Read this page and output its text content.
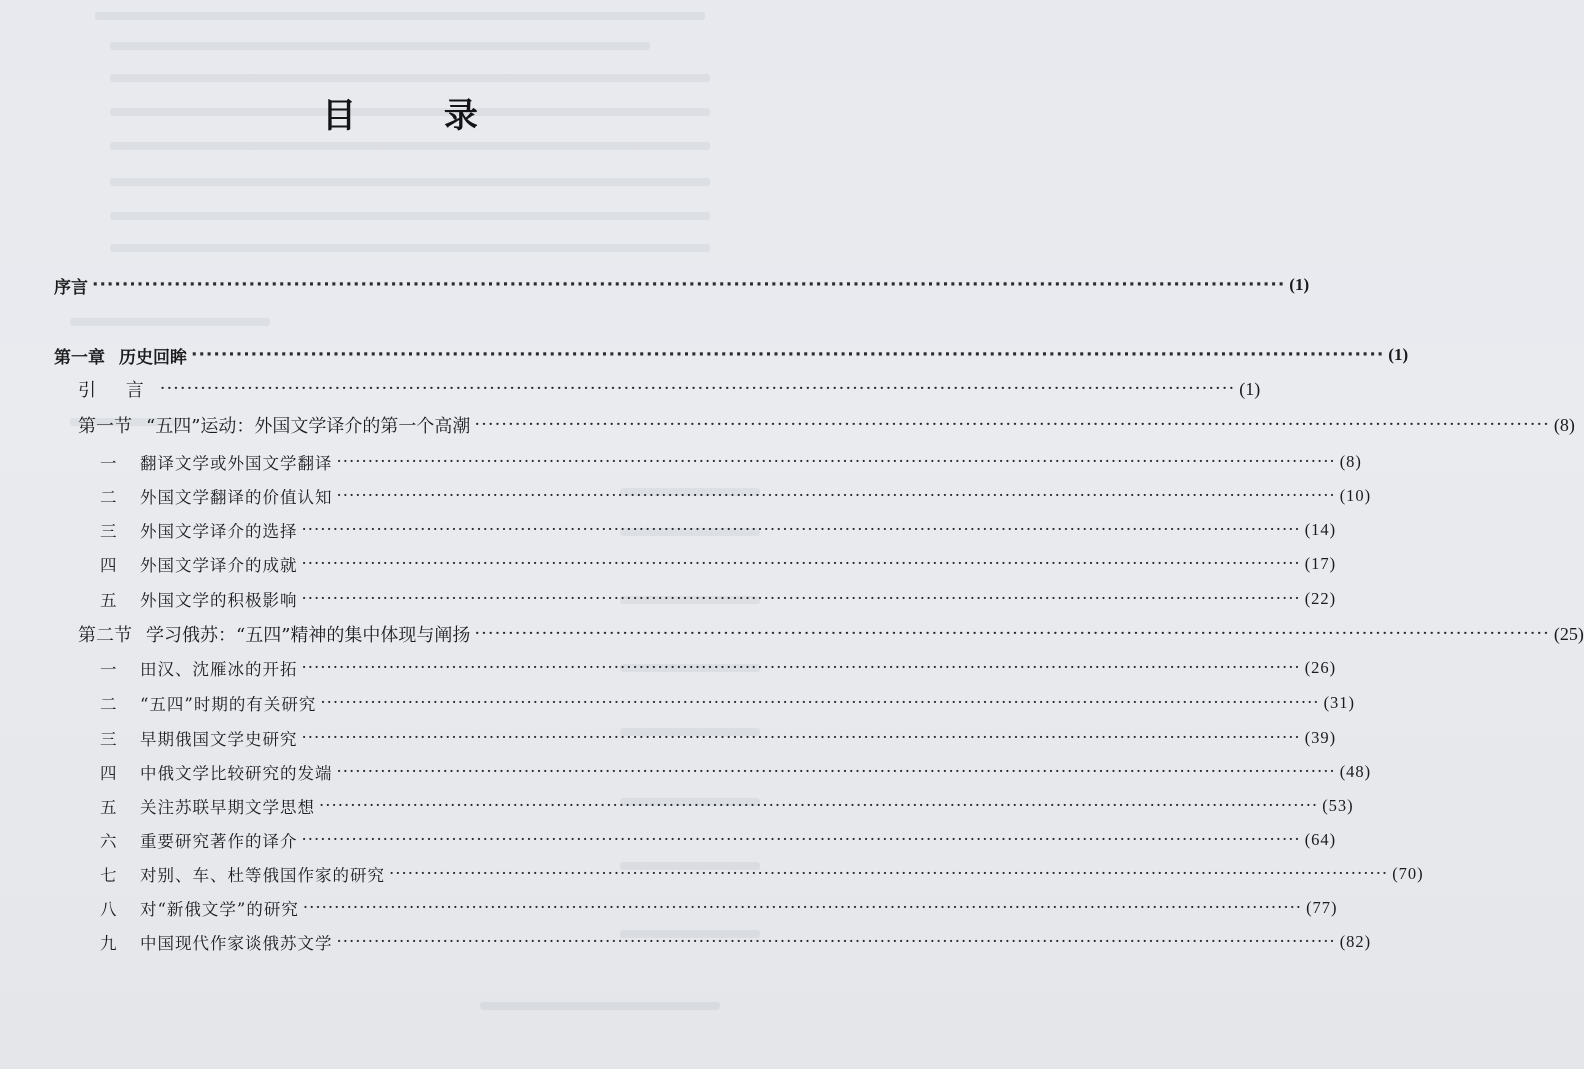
目 录
序言 ································································································································································ (1)
第一章 历史回眸 ································································································································································ (1)
引 言 ································································································································································ (1)
第一节 “五四”运动：外国文学译介的第一个高潮 ································································································································································ (8)
一	翻译文学或外国文学翻译 ································································································································································ (8)
二	外国文学翻译的价值认知 ································································································································································ (10)
三	外国文学译介的选择 ································································································································································ (14)
四	外国文学译介的成就 ································································································································································ (17)
五	外国文学的积极影响 ································································································································································ (22)
第二节 学习俄苏：“五四”精神的集中体现与阐扬 ································································································································································ (25)
一	田汉、沈雁冰的开拓 ································································································································································ (26)
二	“五四”时期的有关研究 ································································································································································ (31)
三	早期俄国文学史研究 ································································································································································ (39)
四	中俄文学比较研究的发端 ································································································································································ (48)
五	关注苏联早期文学思想 ································································································································································ (53)
六	重要研究著作的译介 ································································································································································ (64)
七	对别、车、杜等俄国作家的研究 ································································································································································ (70)
八	对“新俄文学”的研究 ································································································································································ (77)
九	中国现代作家谈俄苏文学 ································································································································································ (82)
